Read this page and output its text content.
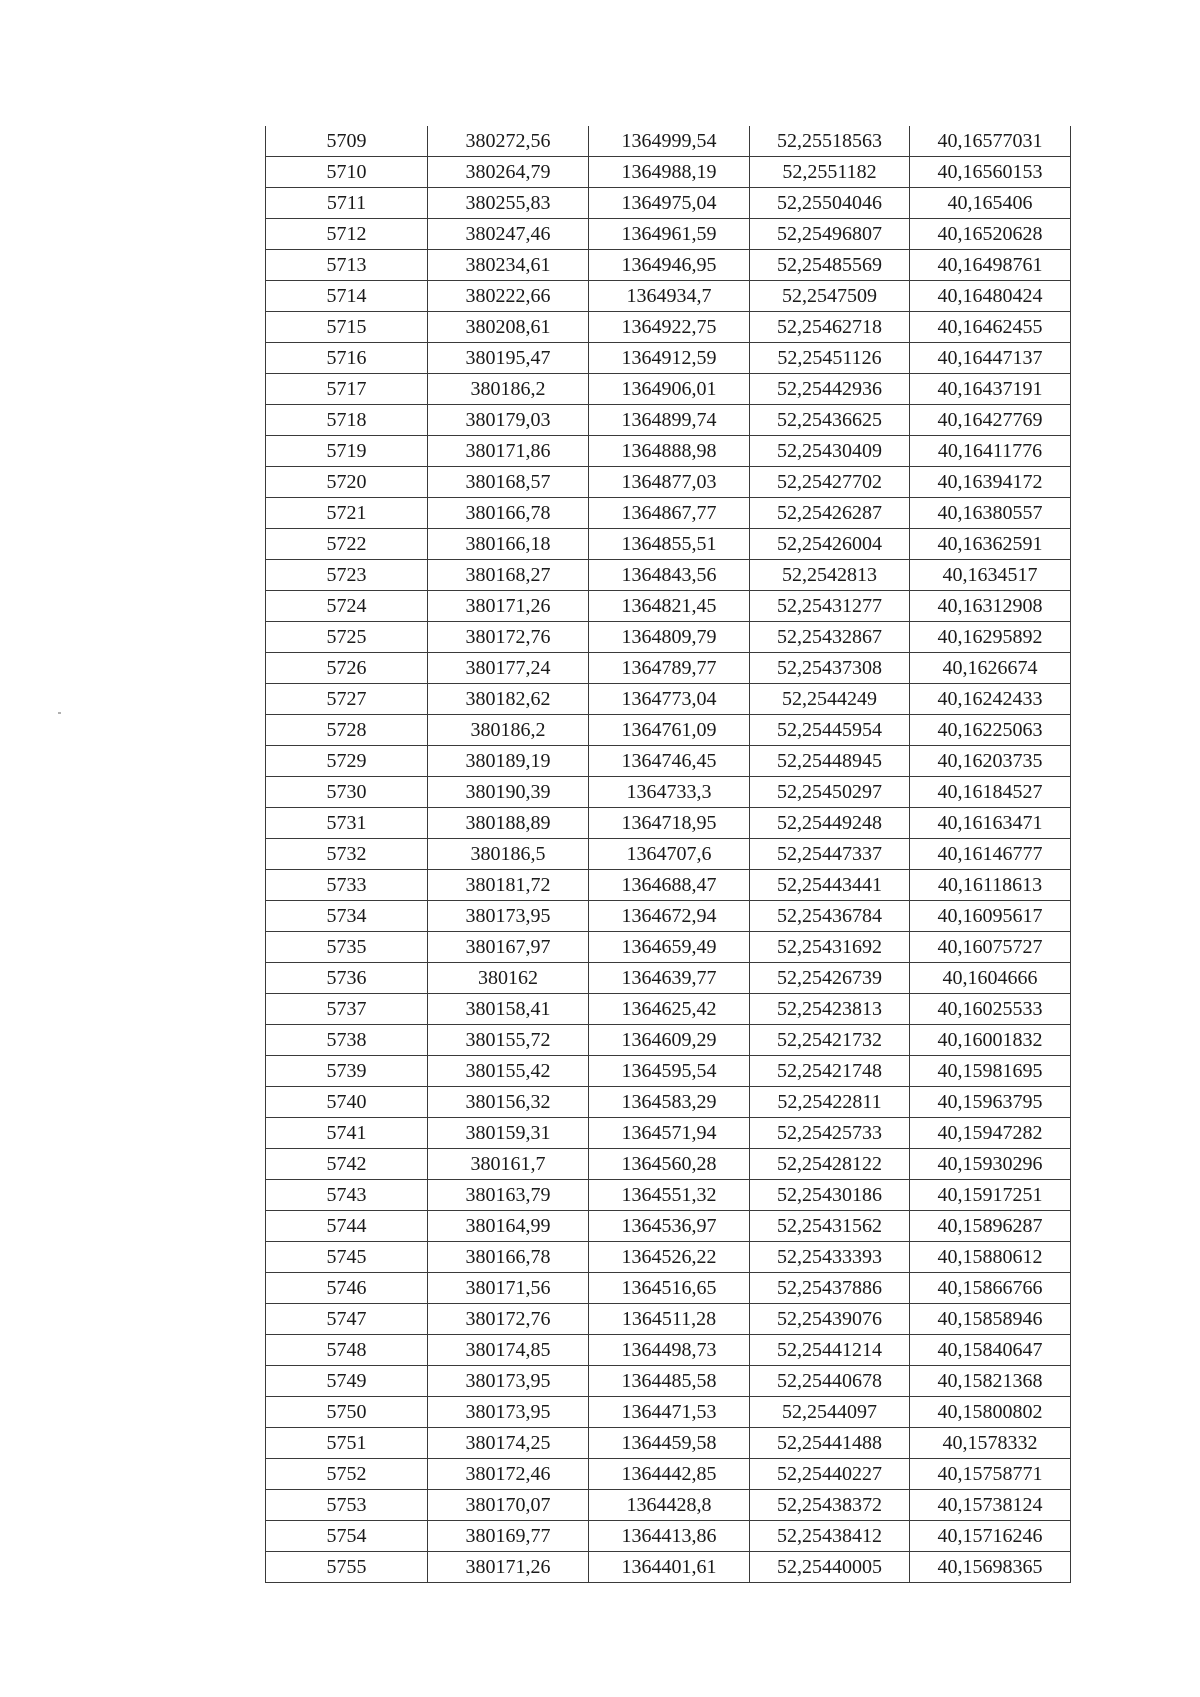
5709	380272,56	1364999,54	52,25518563	40,16577031
5710	380264,79	1364988,19	52,2551182	40,16560153
5711	380255,83	1364975,04	52,25504046	40,165406
5712	380247,46	1364961,59	52,25496807	40,16520628
5713	380234,61	1364946,95	52,25485569	40,16498761
5714	380222,66	1364934,7	52,2547509	40,16480424
5715	380208,61	1364922,75	52,25462718	40,16462455
5716	380195,47	1364912,59	52,25451126	40,16447137
5717	380186,2	1364906,01	52,25442936	40,16437191
5718	380179,03	1364899,74	52,25436625	40,16427769
5719	380171,86	1364888,98	52,25430409	40,16411776
5720	380168,57	1364877,03	52,25427702	40,16394172
5721	380166,78	1364867,77	52,25426287	40,16380557
5722	380166,18	1364855,51	52,25426004	40,16362591
5723	380168,27	1364843,56	52,2542813	40,1634517
5724	380171,26	1364821,45	52,25431277	40,16312908
5725	380172,76	1364809,79	52,25432867	40,16295892
5726	380177,24	1364789,77	52,25437308	40,1626674
5727	380182,62	1364773,04	52,2544249	40,16242433
5728	380186,2	1364761,09	52,25445954	40,16225063
5729	380189,19	1364746,45	52,25448945	40,16203735
5730	380190,39	1364733,3	52,25450297	40,16184527
5731	380188,89	1364718,95	52,25449248	40,16163471
5732	380186,5	1364707,6	52,25447337	40,16146777
5733	380181,72	1364688,47	52,25443441	40,16118613
5734	380173,95	1364672,94	52,25436784	40,16095617
5735	380167,97	1364659,49	52,25431692	40,16075727
5736	380162	1364639,77	52,25426739	40,1604666
5737	380158,41	1364625,42	52,25423813	40,16025533
5738	380155,72	1364609,29	52,25421732	40,16001832
5739	380155,42	1364595,54	52,25421748	40,15981695
5740	380156,32	1364583,29	52,25422811	40,15963795
5741	380159,31	1364571,94	52,25425733	40,15947282
5742	380161,7	1364560,28	52,25428122	40,15930296
5743	380163,79	1364551,32	52,25430186	40,15917251
5744	380164,99	1364536,97	52,25431562	40,15896287
5745	380166,78	1364526,22	52,25433393	40,15880612
5746	380171,56	1364516,65	52,25437886	40,15866766
5747	380172,76	1364511,28	52,25439076	40,15858946
5748	380174,85	1364498,73	52,25441214	40,15840647
5749	380173,95	1364485,58	52,25440678	40,15821368
5750	380173,95	1364471,53	52,2544097	40,15800802
5751	380174,25	1364459,58	52,25441488	40,1578332
5752	380172,46	1364442,85	52,25440227	40,15758771
5753	380170,07	1364428,8	52,25438372	40,15738124
5754	380169,77	1364413,86	52,25438412	40,15716246
5755	380171,26	1364401,61	52,25440005	40,15698365
